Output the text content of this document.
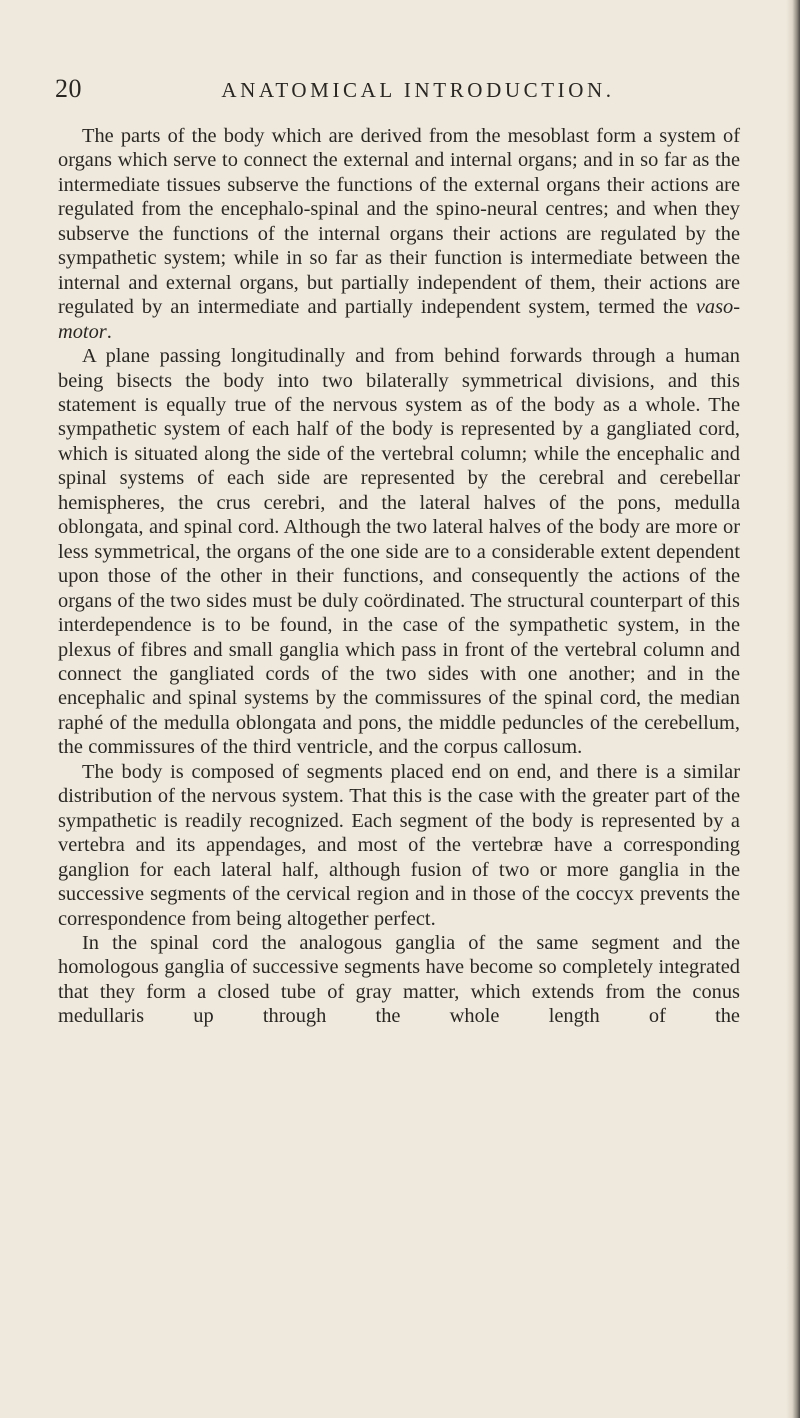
20	ANATOMICAL INTRODUCTION.

The parts of the body which are derived from the mesoblast form a system of organs which serve to connect the external and internal organs; and in so far as the intermediate tissues subserve the functions of the external organs their actions are regulated from the encephalo-spinal and the spino-neural centres; and when they subserve the functions of the internal organs their actions are regulated by the sympathetic system; while in so far as their function is intermediate between the internal and external organs, but partially independent of them, their actions are regulated by an intermediate and partially independent system, termed the vaso-motor.

A plane passing longitudinally and from behind forwards through a human being bisects the body into two bilaterally symmetrical divisions, and this statement is equally true of the nervous system as of the body as a whole. The sympathetic system of each half of the body is represented by a gangliated cord, which is situated along the side of the vertebral column; while the encephalic and spinal systems of each side are represented by the cerebral and cerebellar hemispheres, the crus cerebri, and the lateral halves of the pons, medulla oblongata, and spinal cord. Although the two lateral halves of the body are more or less symmetrical, the organs of the one side are to a considerable extent dependent upon those of the other in their functions, and consequently the actions of the organs of the two sides must be duly coördinated. The structural counterpart of this interdependence is to be found, in the case of the sympathetic system, in the plexus of fibres and small ganglia which pass in front of the vertebral column and connect the gangliated cords of the two sides with one another; and in the encephalic and spinal systems by the commissures of the spinal cord, the median raphé of the medulla oblongata and pons, the middle peduncles of the cerebellum, the commissures of the third ventricle, and the corpus callosum.

The body is composed of segments placed end on end, and there is a similar distribution of the nervous system. That this is the case with the greater part of the sympathetic is readily recognized. Each segment of the body is represented by a vertebra and its appendages, and most of the vertebræ have a corresponding ganglion for each lateral half, although fusion of two or more ganglia in the successive segments of the cervical region and in those of the coccyx prevents the correspondence from being altogether perfect.

In the spinal cord the analogous ganglia of the same segment and the homologous ganglia of successive segments have become so completely integrated that they form a closed tube of gray matter, which extends from the conus medullaris up through the whole length of the
